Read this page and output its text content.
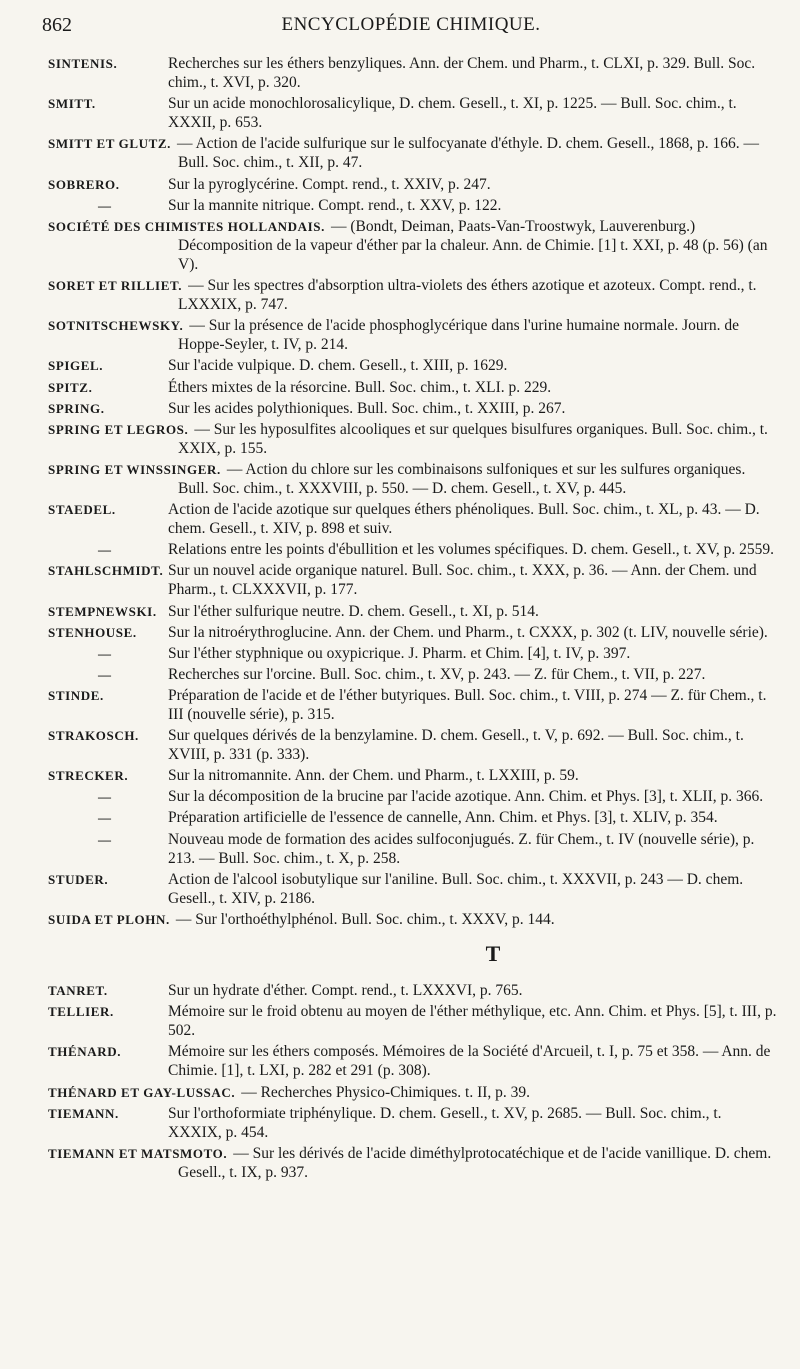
862	ENCYCLOPÉDIE CHIMIQUE.
SINTENIS.	Recherches sur les éthers benzyliques. Ann. der Chem. und Pharm., t. CLXI, p. 329. Bull. Soc. chim., t. XVI, p. 320.
SMITT.	Sur un acide monochlorosalicylique, D. chem. Gesell., t. XI, p. 1225. — Bull. Soc. chim., t. XXXII, p. 653.
SMITT ET GLUTZ. — Action de l'acide sulfurique sur le sulfocyanate d'éthyle. D. chem. Gesell., 1868, p. 166. — Bull. Soc. chim., t. XII, p. 47.
SOBRERO.	Sur la pyroglycérine. Compt. rend., t. XXIV, p. 247.
—	Sur la mannite nitrique. Compt. rend., t. XXV, p. 122.
SOCIÉTÉ DES CHIMISTES HOLLANDAIS. — (Bondt, Deiman, Paats-Van-Troostwyk, Lauverenburg.) Décomposition de la vapeur d'éther par la chaleur. Ann. de Chimie. [1] t. XXI, p. 48 (p. 56) (an V).
SORET ET RILLIET. — Sur les spectres d'absorption ultra-violets des éthers azotique et azoteux. Compt. rend., t. LXXXIX, p. 747.
SOTNITSCHEWSKY. — Sur la présence de l'acide phosphoglycérique dans l'urine humaine normale. Journ. de Hoppe-Seyler, t. IV, p. 214.
SPIGEL.	Sur l'acide vulpique. D. chem. Gesell., t. XIII, p. 1629.
SPITZ.	Éthers mixtes de la résorcine. Bull. Soc. chim., t. XLI. p. 229.
SPRING.	Sur les acides polythioniques. Bull. Soc. chim., t. XXIII, p. 267.
SPRING ET LEGROS. — Sur les hyposulfites alcooliques et sur quelques bisulfures organiques. Bull. Soc. chim., t. XXIX, p. 155.
SPRING ET WINSSINGER. — Action du chlore sur les combinaisons sulfoniques et sur les sulfures organiques. Bull. Soc. chim., t. XXXVIII, p. 550. — D. chem. Gesell., t. XV, p. 445.
STAEDEL.	Action de l'acide azotique sur quelques éthers phénoliques. Bull. Soc. chim., t. XL, p. 43. — D. chem. Gesell., t. XIV, p. 898 et suiv.
—	Relations entre les points d'ébullition et les volumes spécifiques. D. chem. Gesell., t. XV, p. 2559.
STAHLSCHMIDT. Sur un nouvel acide organique naturel. Bull. Soc. chim., t. XXX, p. 36. — Ann. der Chem. und Pharm., t. CLXXXVII, p. 177.
STEMPNEWSKI. Sur l'éther sulfurique neutre. D. chem. Gesell., t. XI, p. 514.
STENHOUSE.	Sur la nitroérythroglucine. Ann. der Chem. und Pharm., t. CXXX, p. 302 (t. LIV, nouvelle série).
—	Sur l'éther styphnique ou oxypicrique. J. Pharm. et Chim. [4], t. IV, p. 397.
—	Recherches sur l'orcine. Bull. Soc. chim., t. XV, p. 243. — Z. für Chem., t. VII, p. 227.
STINDE.	Préparation de l'acide et de l'éther butyriques. Bull. Soc. chim., t. VIII, p. 274 — Z. für Chem., t. III (nouvelle série), p. 315.
STRAKOSCH.	Sur quelques dérivés de la benzylamine. D. chem. Gesell., t. V, p. 692. — Bull. Soc. chim., t. XVIII, p. 331 (p. 333).
STRECKER.	Sur la nitromannite. Ann. der Chem. und Pharm., t. LXXIII, p. 59.
—	Sur la décomposition de la brucine par l'acide azotique. Ann. Chim. et Phys. [3], t. XLII, p. 366.
—	Préparation artificielle de l'essence de cannelle, Ann. Chim. et Phys. [3], t. XLIV, p. 354.
—	Nouveau mode de formation des acides sulfoconjugués. Z. für Chem., t. IV (nouvelle série), p. 213. — Bull. Soc. chim., t. X, p. 258.
STUDER.	Action de l'alcool isobutylique sur l'aniline. Bull. Soc. chim., t. XXXVII, p. 243 — D. chem. Gesell., t. XIV, p. 2186.
SUIDA ET PLOHN. — Sur l'orthoéthylphénol. Bull. Soc. chim., t. XXXV, p. 144.
T
TANRET.	Sur un hydrate d'éther. Compt. rend., t. LXXXVI, p. 765.
TELLIER.	Mémoire sur le froid obtenu au moyen de l'éther méthylique, etc. Ann. Chim. et Phys. [5], t. III, p. 502.
THÉNARD.	Mémoire sur les éthers composés. Mémoires de la Société d'Arcueil, t. I, p. 75 et 358. — Ann. de Chimie. [1], t. LXI, p. 282 et 291 (p. 308).
THÉNARD ET GAY-LUSSAC. — Recherches Physico-Chimiques. t. II, p. 39.
TIEMANN.	Sur l'orthoformiate triphénylique. D. chem. Gesell., t. XV, p. 2685. — Bull. Soc. chim., t. XXXIX, p. 454.
TIEMANN ET MATSMOTO. — Sur les dérivés de l'acide diméthylprotocatéchique et de l'acide vanillique. D. chem. Gesell., t. IX, p. 937.
